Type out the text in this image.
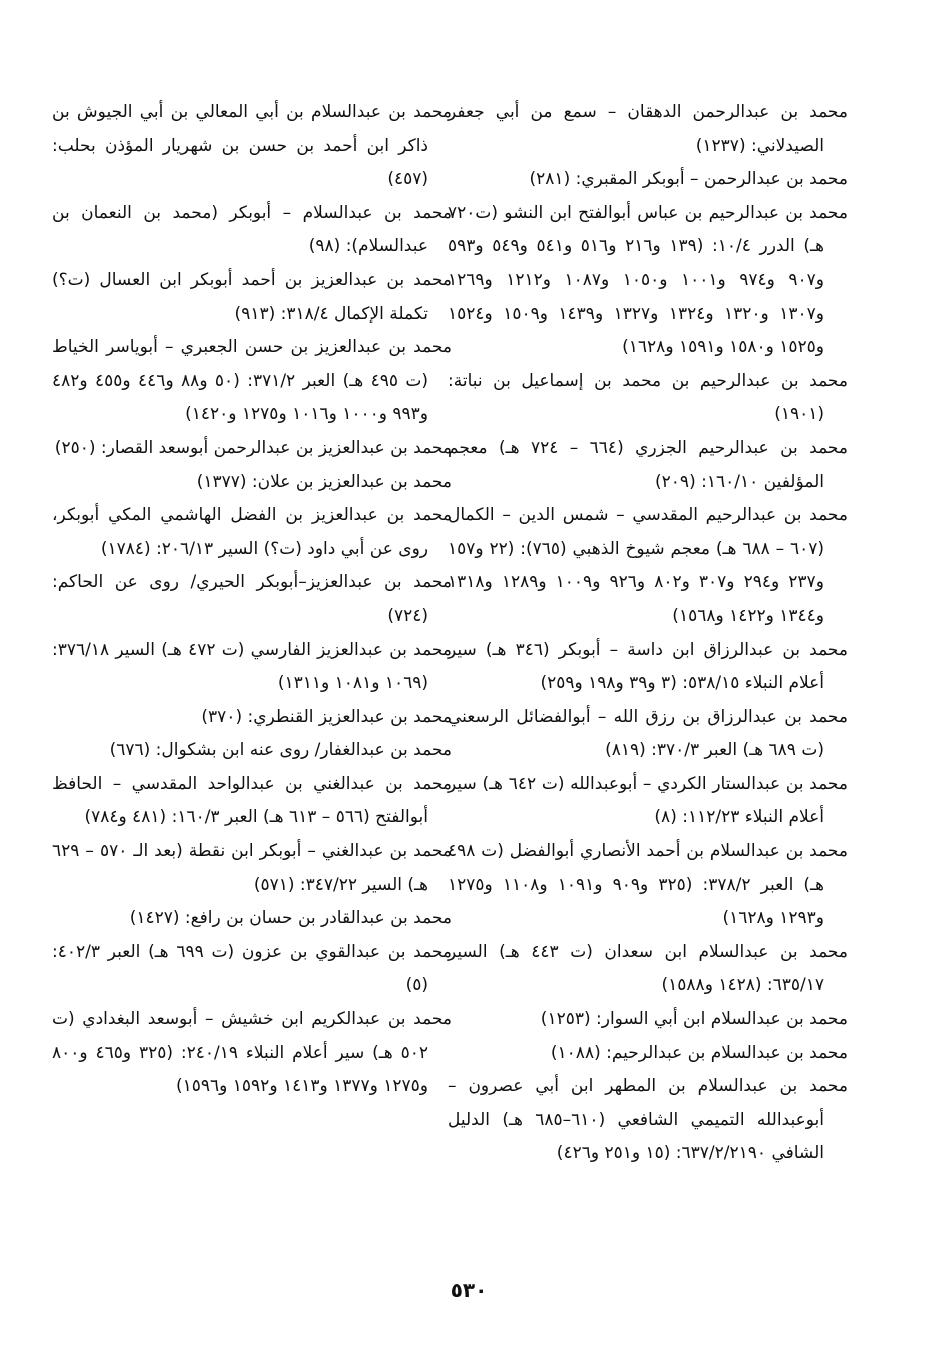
محمد بن عبدالرحمن الدهقان – سمع من أبي جعفر الصيدلاني: (١٢٣٧)

محمد بن عبدالرحمن – أبوبكر المقبري: (٢٨١)

محمد بن عبدالرحيم بن عباس أبوالفتح ابن النشو (ت٧٢٠ هـ) الدرر ١٠/٤: (١٣٩ و٢١٦ و٥١٦ و٥٤١ و٥٤٩ و٥٩٣ و٩٠٧ و٩٧٤ و١٠٠١ و١٠٥٠ و١٠٨٧ و١٢١٢ و١٢٦٩ و١٣٠٧ و١٣٢٠ و١٣٢٤ و١٣٢٧ و١٤٣٩ و١٥٠٩ و١٥٢٤ و١٥٢٥ و١٥٨٠ و١٥٩١ و١٦٢٨)

محمد بن عبدالرحيم بن محمد بن إسماعيل بن نباتة: (١٩٠١)

محمد بن عبدالرحيم الجزري (٦٦٤ – ٧٢٤ هـ) معجم المؤلفين ١٦٠/١٠: (٢٠٩)

محمد بن عبدالرحيم المقدسي – شمس الدين – الكمال (٦٠٧ – ٦٨٨ هـ) معجم شيوخ الذهبي (٧٦٥): (٢٢ و١٥٧ و٢٣٧ و٢٩٤ و٣٠٧ و٨٠٢ و٩٢٦ و١٠٠٩ و١٢٨٩ و١٣١٨ و١٣٤٤ و١٤٢٢ و١٥٦٨)

محمد بن عبدالرزاق ابن داسة – أبوبكر (٣٤٦ هـ) سير أعلام النبلاء ٥٣٨/١٥: (٣ و٣٩ و١٩٨ و٢٥٩)

محمد بن عبدالرزاق بن رزق الله – أبوالفضائل الرسعني (ت ٦٨٩ هـ) العبر ٣٧٠/٣: (٨١٩)

محمد بن عبدالستار الكردي – أبوعبدالله (ت ٦٤٢ هـ) سير أعلام النبلاء ١١٢/٢٣: (٨)

محمد بن عبدالسلام بن أحمد الأنصاري أبوالفضل (ت ٤٩٨ هـ) العبر ٣٧٨/٢: (٣٢٥ و٩٠٩ و١٠٩١ و١١٠٨ و١٢٧٥ و١٢٩٣ و١٦٢٨)

محمد بن عبدالسلام ابن سعدان (ت ٤٤٣ هـ) السير ٦٣٥/١٧: (١٤٢٨ و١٥٨٨)

محمد بن عبدالسلام ابن أبي السوار: (١٢٥٣)

محمد بن عبدالسلام بن عبدالرحيم: (١٠٨٨)

محمد بن عبدالسلام بن المطهر ابن أبي عصرون – أبوعبدالله التميمي الشافعي (٦١٠–٦٨٥ هـ) الدليل الشافي ٦٣٧/٢/٢١٩٠: (١٥ و٢٥١ و٤٢٦)

محمد بن عبدالسلام بن أبي المعالي بن أبي الجيوش بن ذاكر ابن أحمد بن حسن بن شهريار المؤذن بحلب: (٤٥٧)

محمد بن عبدالسلام – أبوبكر (محمد بن النعمان بن عبدالسلام): (٩٨)

محمد بن عبدالعزيز بن أحمد أبوبكر ابن العسال (ت؟) تكملة الإكمال ٣١٨/٤: (٩١٣)

محمد بن عبدالعزيز بن حسن الجعبري – أبوياسر الخياط (ت ٤٩٥ هـ) العبر ٣٧١/٢: (٥٠ و٨٨ و٤٤٦ و٤٥٥ و٤٨٢ و٩٩٣ و١٠٠٠ و١٠١٦ و١٢٧٥ و١٤٢٠)

محمد بن عبدالعزيز بن عبدالرحمن أبوسعد القصار: (٢٥٠)

محمد بن عبدالعزيز بن علان: (١٣٧٧)

محمد بن عبدالعزيز بن الفضل الهاشمي المكي أبوبكر، روى عن أبي داود (ت؟) السير ٢٠٦/١٣: (١٧٨٤)

محمد بن عبدالعزيز–أبوبكر الحيري/ روى عن الحاكم: (٧٢٤)

محمد بن عبدالعزيز الفارسي (ت ٤٧٢ هـ) السير ٣٧٦/١٨: (١٠٦٩ و١٠٨١ و١٣١١)

محمد بن عبدالعزيز القنطري: (٣٧٠)

محمد بن عبدالغفار/ روى عنه ابن بشكوال: (٦٧٦)

محمد بن عبدالغني بن عبدالواحد المقدسي – الحافظ أبوالفتح (٥٦٦ – ٦١٣ هـ) العبر ١٦٠/٣: (٤٨١ و٧٨٤)

محمد بن عبدالغني – أبوبكر ابن نقطة (بعد الـ ٥٧٠ – ٦٢٩ هـ) السير ٣٤٧/٢٢: (٥٧١)

محمد بن عبدالقادر بن حسان بن رافع: (١٤٢٧)

محمد بن عبدالقوي بن عزون (ت ٦٩٩ هـ) العبر ٤٠٢/٣: (٥)

محمد بن عبدالكريم ابن خشيش – أبوسعد البغدادي (ت ٥٠٢ هـ) سير أعلام النبلاء ٢٤٠/١٩: (٣٢٥ و٤٦٥ و٨٠٠ و١٢٧٥ و١٣٧٧ و١٤١٣ و١٥٩٢ و١٥٩٦)

٥٣٠
